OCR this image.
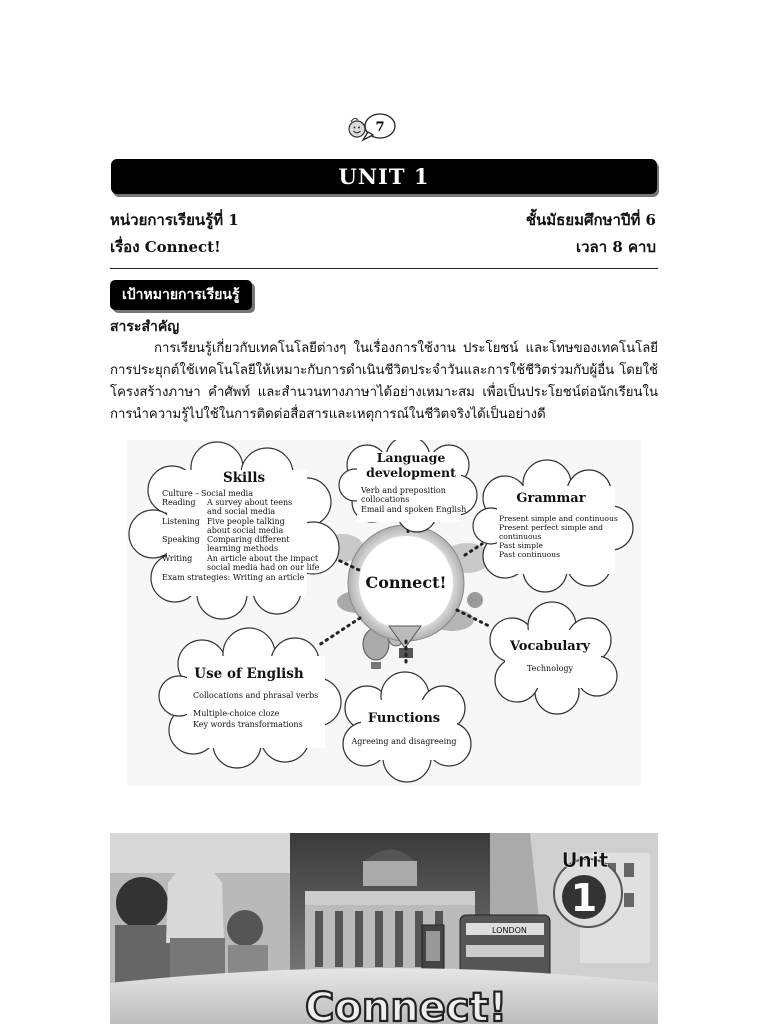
7
UNIT 1
หน่วยการเรียนรู้ที่ 1	ชั้นมัธยมศึกษาปีที่ 6
เรื่อง Connect!	เวลา 8 คาบ
เป้าหมายการเรียนรู้
สาระสำคัญ
การเรียนรู้เกี่ยวกับเทคโนโลยีต่างๆ ในเรื่องการใช้งาน ประโยชน์ และโทษของเทคโนโลยี การประยุกต์ใช้เทคโนโลยีให้เหมาะกับการดำเนินชีวิตประจำวันและการใช้ชีวิตร่วมกับผู้อื่น โดยใช้โครงสร้างภาษา คำศัพท์ และสำนวนทางภาษาได้อย่างเหมาะสม เพื่อเป็นประโยชน์ต่อนักเรียนในการนำความรู้ไปใช้ในการติดต่อสื่อสารและเหตุการณ์ในชีวิตจริงได้เป็นอย่างดี
Connect!
Skills
Culture – Social media
Reading A survey about teens
and social media
Listening Five people talking
about social media
Speaking Comparing different
learning methods
Writing An article about the impact
social media had on our life
Exam strategies: Writing an article
Language
development
Verb and preposition
collocations
Email and spoken English
Grammar
Present simple and continuous
Present perfect simple and
continuous
Past simple
Past continuous
Vocabulary
Technology
Use of English
Collocations and phrasal verbs
Multiple-choice cloze
Key words transformations	Functions
Agreeing and disagreeing
LONDON
Unit
1
Connect!
